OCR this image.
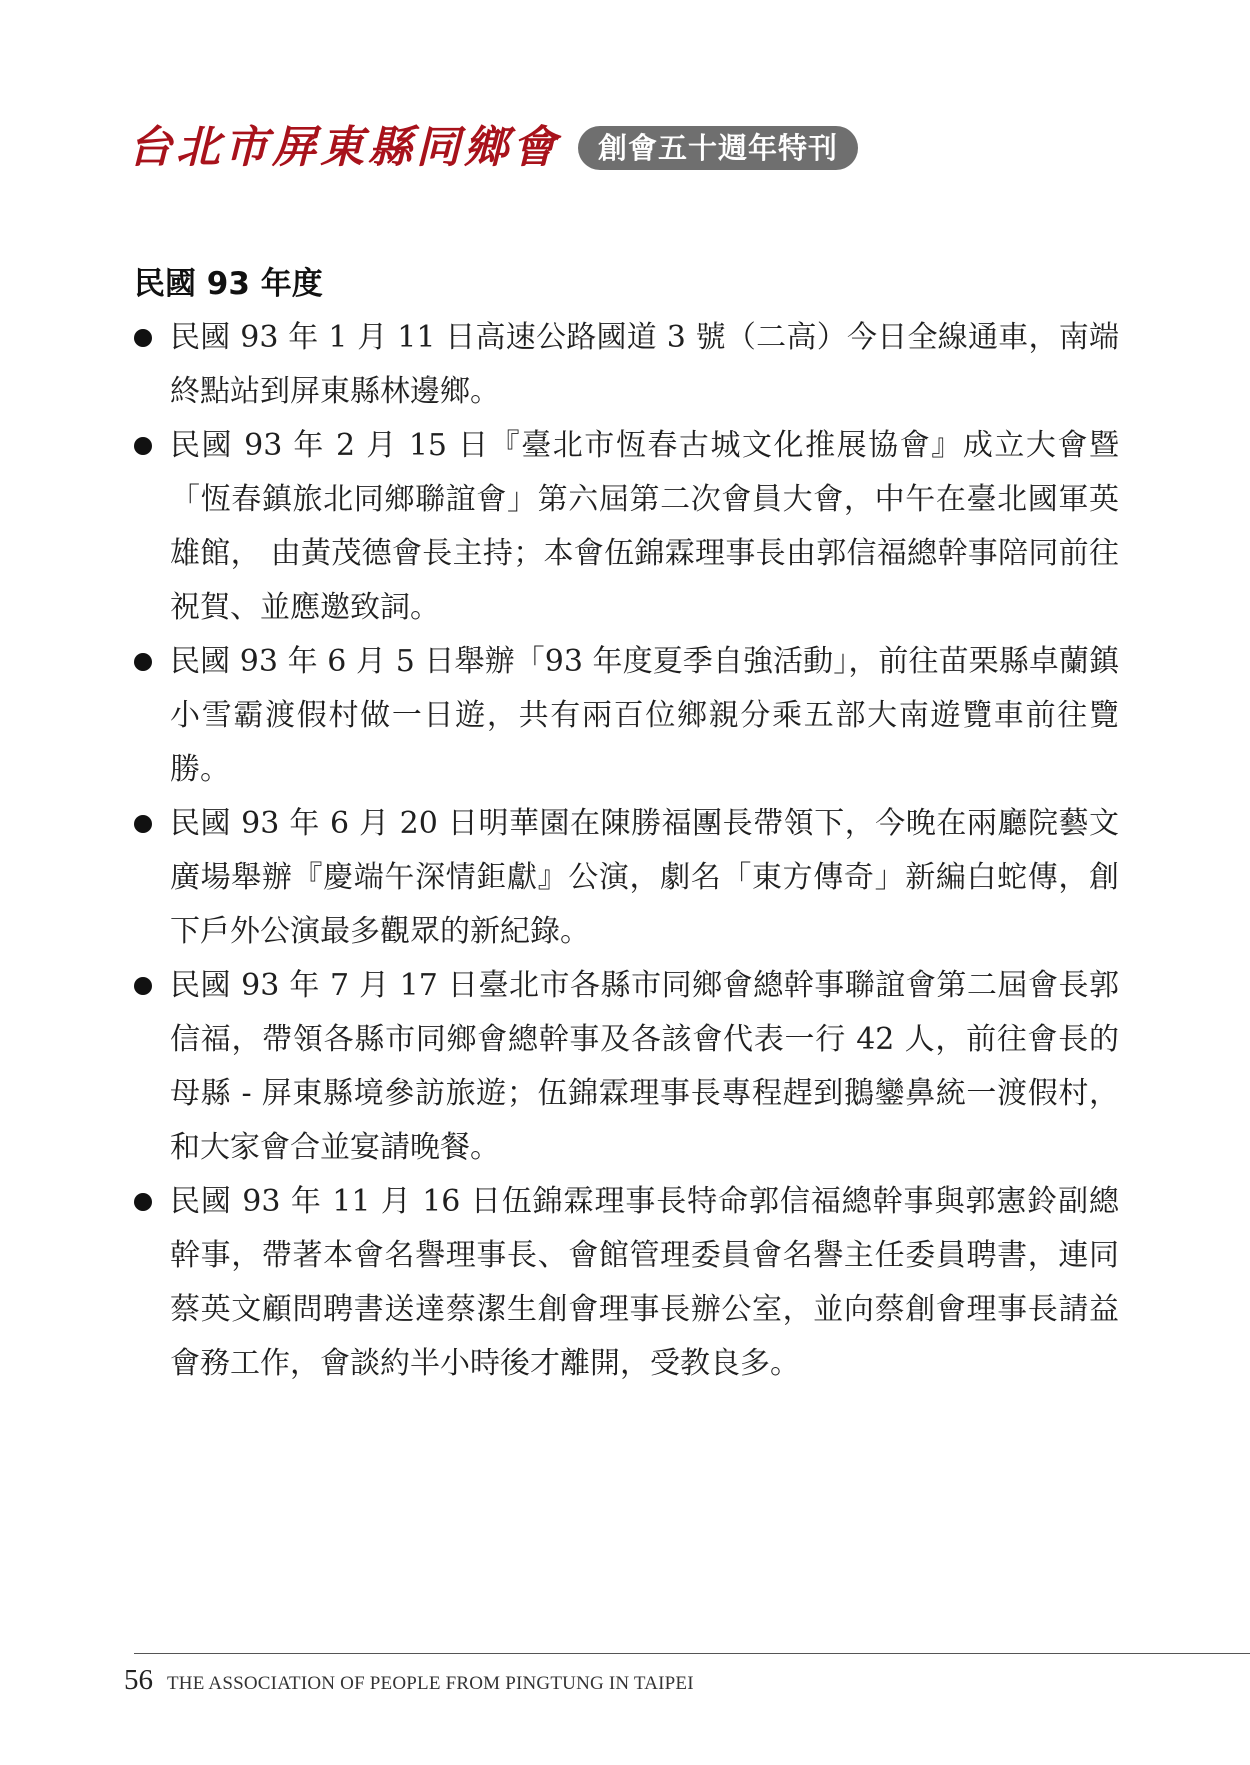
台北市屏東縣同鄉會	創會五十週年特刊
民國 93 年度
民國 93 年 1 月 11 日高速公路國道 3 號（二高）今日全線通車，南端終點站到屏東縣林邊鄉。
民國 93 年 2 月 15 日『臺北市恆春古城文化推展協會』成立大會暨「恆春鎮旅北同鄉聯誼會」第六屆第二次會員大會，中午在臺北國軍英雄館， 由黃茂德會長主持；本會伍錦霖理事長由郭信福總幹事陪同前往祝賀、並應邀致詞。
民國 93 年 6 月 5 日舉辦「93 年度夏季自強活動」，前往苗栗縣卓蘭鎮小雪霸渡假村做一日遊，共有兩百位鄉親分乘五部大南遊覽車前往覽勝。
民國 93 年 6 月 20 日明華園在陳勝福團長帶領下，今晚在兩廳院藝文廣場舉辦『慶端午深情鉅獻』公演，劇名「東方傳奇」新編白蛇傳，創下戶外公演最多觀眾的新紀錄。
民國 93 年 7 月 17 日臺北市各縣市同鄉會總幹事聯誼會第二屆會長郭信福，帶領各縣市同鄉會總幹事及各該會代表一行 42 人，前往會長的母縣 - 屏東縣境參訪旅遊；伍錦霖理事長專程趕到鵝鑾鼻統一渡假村，和大家會合並宴請晚餐。
民國 93 年 11 月 16 日伍錦霖理事長特命郭信福總幹事與郭憲鈴副總幹事，帶著本會名譽理事長、會館管理委員會名譽主任委員聘書，連同蔡英文顧問聘書送達蔡潔生創會理事長辦公室，並向蔡創會理事長請益會務工作，會談約半小時後才離開，受教良多。
56 THE ASSOCIATION OF PEOPLE FROM PINGTUNG IN TAIPEI
